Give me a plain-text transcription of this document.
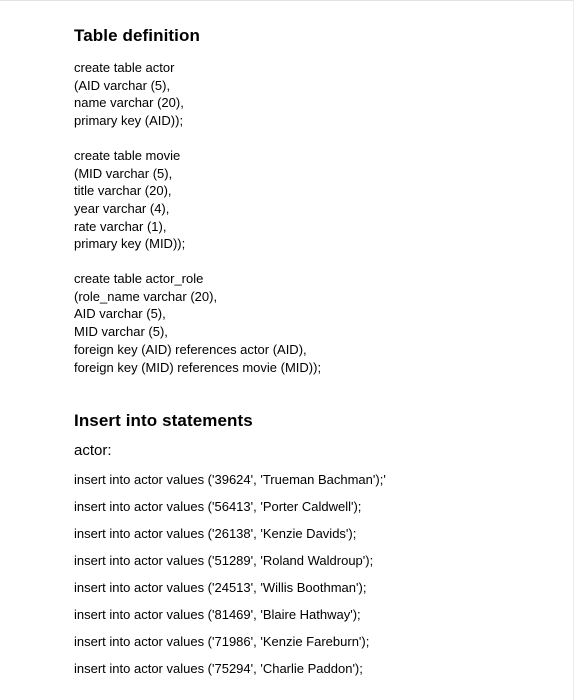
Table definition
create table actor
(AID varchar (5),
name varchar (20),
primary key (AID));
create table movie
(MID varchar (5),
title varchar (20),
year varchar (4),
rate varchar (1),
primary key (MID));
create table actor_role
(role_name varchar (20),
AID varchar (5),
MID varchar (5),
foreign key (AID) references actor (AID),
foreign key (MID) references movie (MID));
Insert into statements
actor:
insert into actor values ('39624', 'Trueman Bachman');'
insert into actor values ('56413', 'Porter Caldwell');
insert into actor values ('26138', 'Kenzie Davids');
insert into actor values ('51289', 'Roland Waldroup');
insert into actor values ('24513', 'Willis Boothman');
insert into actor values ('81469', 'Blaire Hathway');
insert into actor values ('71986', 'Kenzie Fareburn');
insert into actor values ('75294', 'Charlie Paddon');
